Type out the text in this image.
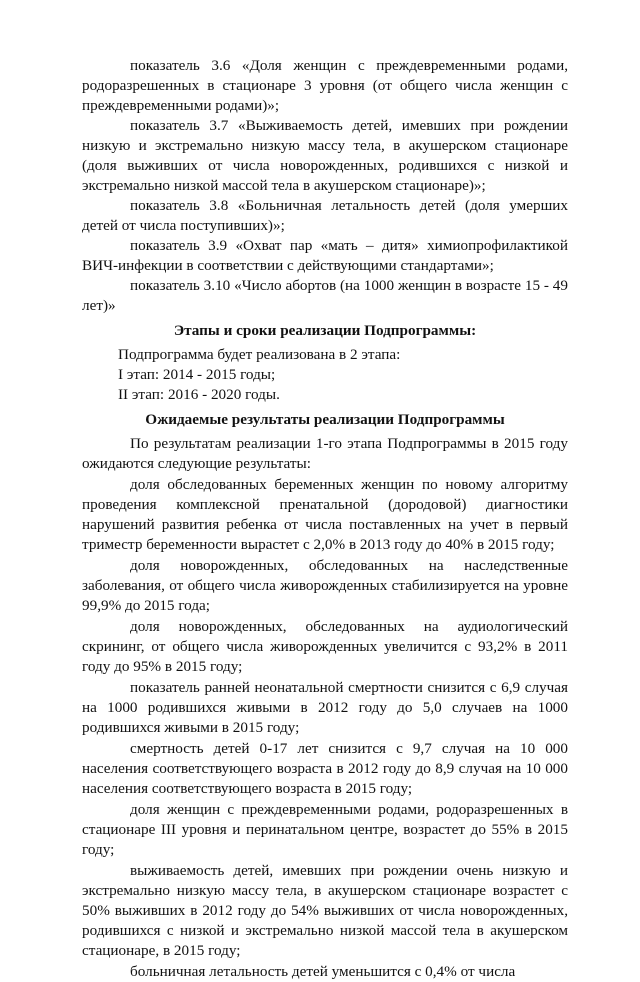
показатель 3.6 «Доля женщин с преждевременными родами, родоразрешенных в стационаре 3 уровня (от общего числа женщин с преждевременными родами)»;

показатель 3.7 «Выживаемость детей, имевших при рождении низкую и экстремально низкую массу тела, в акушерском стационаре (доля выживших от числа новорожденных, родившихся с низкой и экстремально низкой массой тела в акушерском стационаре)»;

показатель 3.8 «Больничная летальность детей (доля умерших детей от числа поступивших)»;

показатель 3.9 «Охват пар «мать – дитя» химиопрофилактикой ВИЧ-инфекции в соответствии с действующими стандартами»;

показатель 3.10 «Число абортов (на 1000 женщин в возрасте 15 - 49 лет)»

Этапы и сроки реализации Подпрограммы:

Подпрограмма будет реализована в 2 этапа:

I этап: 2014 - 2015 годы;

II этап: 2016 - 2020 годы.

Ожидаемые результаты реализации Подпрограммы

По результатам реализации 1-го этапа Подпрограммы в 2015 году ожидаются следующие результаты:

доля обследованных беременных женщин по новому алгоритму проведения комплексной пренатальной (дородовой) диагностики нарушений развития ребенка от числа поставленных на учет в первый триместр беременности вырастет с 2,0% в 2013 году до 40% в 2015 году;

доля новорожденных, обследованных на наследственные заболевания, от общего числа живорожденных стабилизируется на уровне 99,9% до 2015 года;

доля новорожденных, обследованных на аудиологический скрининг, от общего числа живорожденных увеличится с 93,2% в 2011 году до 95% в 2015 году;

показатель ранней неонатальной смертности снизится с 6,9 случая на 1000 родившихся живыми в 2012 году до 5,0 случаев на 1000 родившихся живыми в 2015 году;

смертность детей 0-17 лет снизится с 9,7 случая на 10 000 населения соответствующего возраста в 2012 году до 8,9 случая на 10 000 населения соответствующего возраста в 2015 году;

доля женщин с преждевременными родами, родоразрешенных в стационаре III уровня и перинатальном центре, возрастет до 55% в 2015 году;

выживаемость детей, имевших при рождении очень низкую и экстремально низкую массу тела, в акушерском стационаре возрастет с 50% выживших в 2012 году до 54% выживших от числа новорожденных, родившихся с низкой и экстремально низкой массой тела в акушерском стационаре, в 2015 году;

больничная летальность детей уменьшится с 0,4% от числа
